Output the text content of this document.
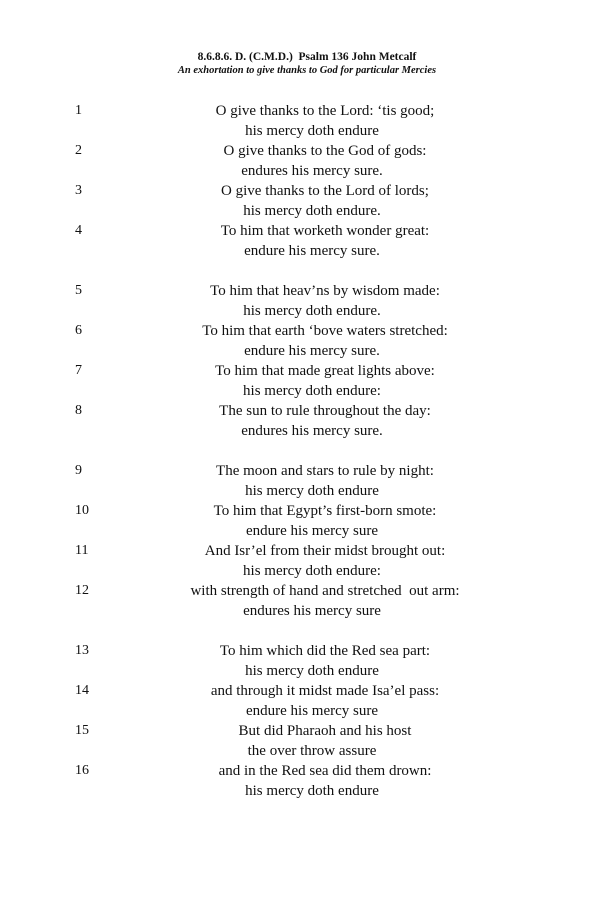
8.6.8.6. D. (C.M.D.)  Psalm 136 John Metcalf
An exhortation to give thanks to God for particular Mercies
1	O give thanks to the Lord: ‘tis good;
his mercy doth endure
2	O give thanks to the God of gods:
endures his mercy sure.
3	O give thanks to the Lord of lords;
his mercy doth endure.
4	To him that worketh wonder great:
endure his mercy sure.
5	To him that heav’ns by wisdom made:
his mercy doth endure.
6	To him that earth ‘bove waters stretched:
endure his mercy sure.
7	To him that made great lights above:
his mercy doth endure:
8	The sun to rule throughout the day:
endures his mercy sure.
9	The moon and stars to rule by night:
his mercy doth endure
10	To him that Egypt’s first-born smote:
endure his mercy sure
11	And Isr’el from their midst brought out:
his mercy doth endure:
12	with strength of hand and stretched  out arm:
endures his mercy sure
13	To him which did the Red sea part:
his mercy doth endure
14	and through it midst made Isa’el pass:
endure his mercy sure
15	But did Pharaoh and his host
the over throw assure
16	and in the Red sea did them drown:
his mercy doth endure
